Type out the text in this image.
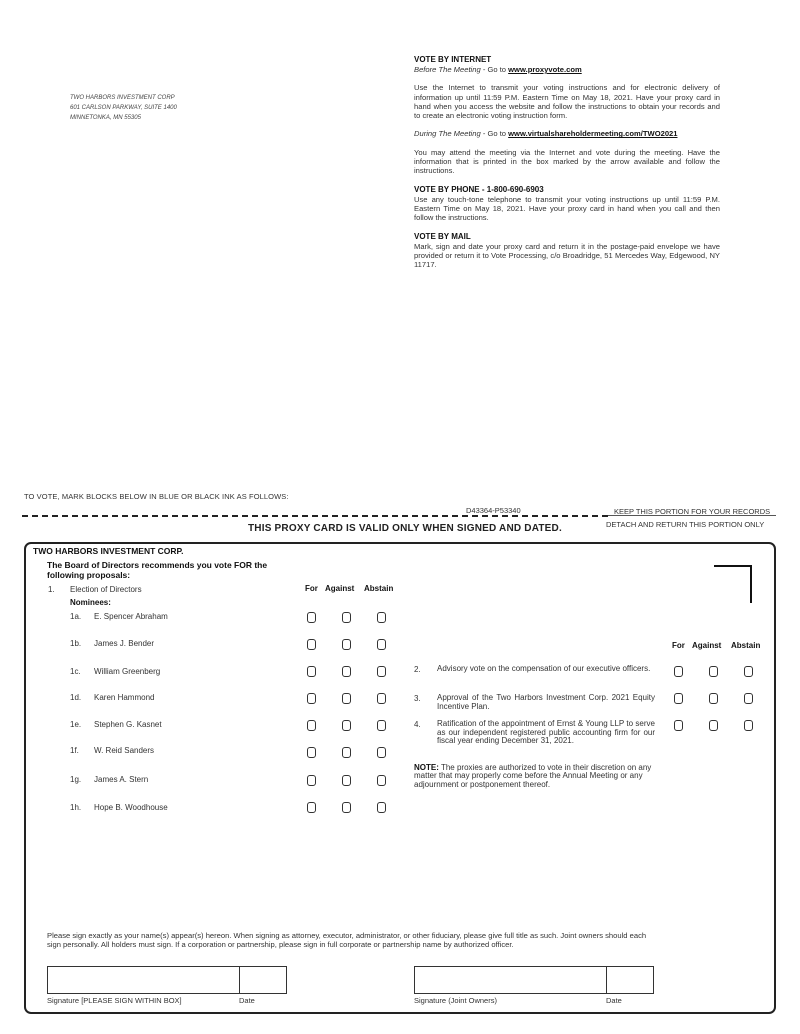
TWO HARBORS INVESTMENT CORP
601 CARLSON PARKWAY, SUITE 1400
MINNETONKA, MN 55305
VOTE BY INTERNET
Before The Meeting - Go to www.proxyvote.com

Use the Internet to transmit your voting instructions and for electronic delivery of information up until 11:59 P.M. Eastern Time on May 18, 2021. Have your proxy card in hand when you access the website and follow the instructions to obtain your records and to create an electronic voting instruction form.

During The Meeting - Go to www.virtualshareholdermeeting.com/TWO2021

You may attend the meeting via the Internet and vote during the meeting. Have the information that is printed in the box marked by the arrow available and follow the instructions.

VOTE BY PHONE - 1-800-690-6903

Use any touch-tone telephone to transmit your voting instructions up until 11:59 P.M. Eastern Time on May 18, 2021. Have your proxy card in hand when you call and then follow the instructions.

VOTE BY MAIL

Mark, sign and date your proxy card and return it in the postage-paid envelope we have provided or return it to Vote Processing, c/o Broadridge, 51 Mercedes Way, Edgewood, NY 11717.

TO VOTE, MARK BLOCKS BELOW IN BLUE OR BLACK INK AS FOLLOWS:
D43364-P53340	KEEP THIS PORTION FOR YOUR RECORDS
DETACH AND RETURN THIS PORTION ONLY
THIS PROXY CARD IS VALID ONLY WHEN SIGNED AND DATED.
TWO HARBORS INVESTMENT CORP.
The Board of Directors recommends you vote FOR the
following proposals:
1. Election of Directors
Nominees:
For Against Abstain
1a. E. Spencer Abraham
1b. James J. Bender
1c. William Greenberg
1d. Karen Hammond
1e. Stephen G. Kasnet
1f. W. Reid Sanders
1g. James A. Stern
1h. Hope B. Woodhouse
For Against Abstain
2. Advisory vote on the compensation of our executive officers.
3. Approval of the Two Harbors Investment Corp. 2021 Equity Incentive Plan.
4. Ratification of the appointment of Ernst & Young LLP to serve as our independent registered public accounting firm for our fiscal year ending December 31, 2021.
NOTE: The proxies are authorized to vote in their discretion on any matter that may properly come before the Annual Meeting or any adjournment or postponement thereof.
Please sign exactly as your name(s) appear(s) hereon. When signing as attorney, executor, administrator, or other fiduciary, please give full title as such. Joint owners should each sign personally. All holders must sign. If a corporation or partnership, please sign in full corporate or partnership name by authorized officer.
Signature [PLEASE SIGN WITHIN BOX]	Date	Signature (Joint Owners)	Date
